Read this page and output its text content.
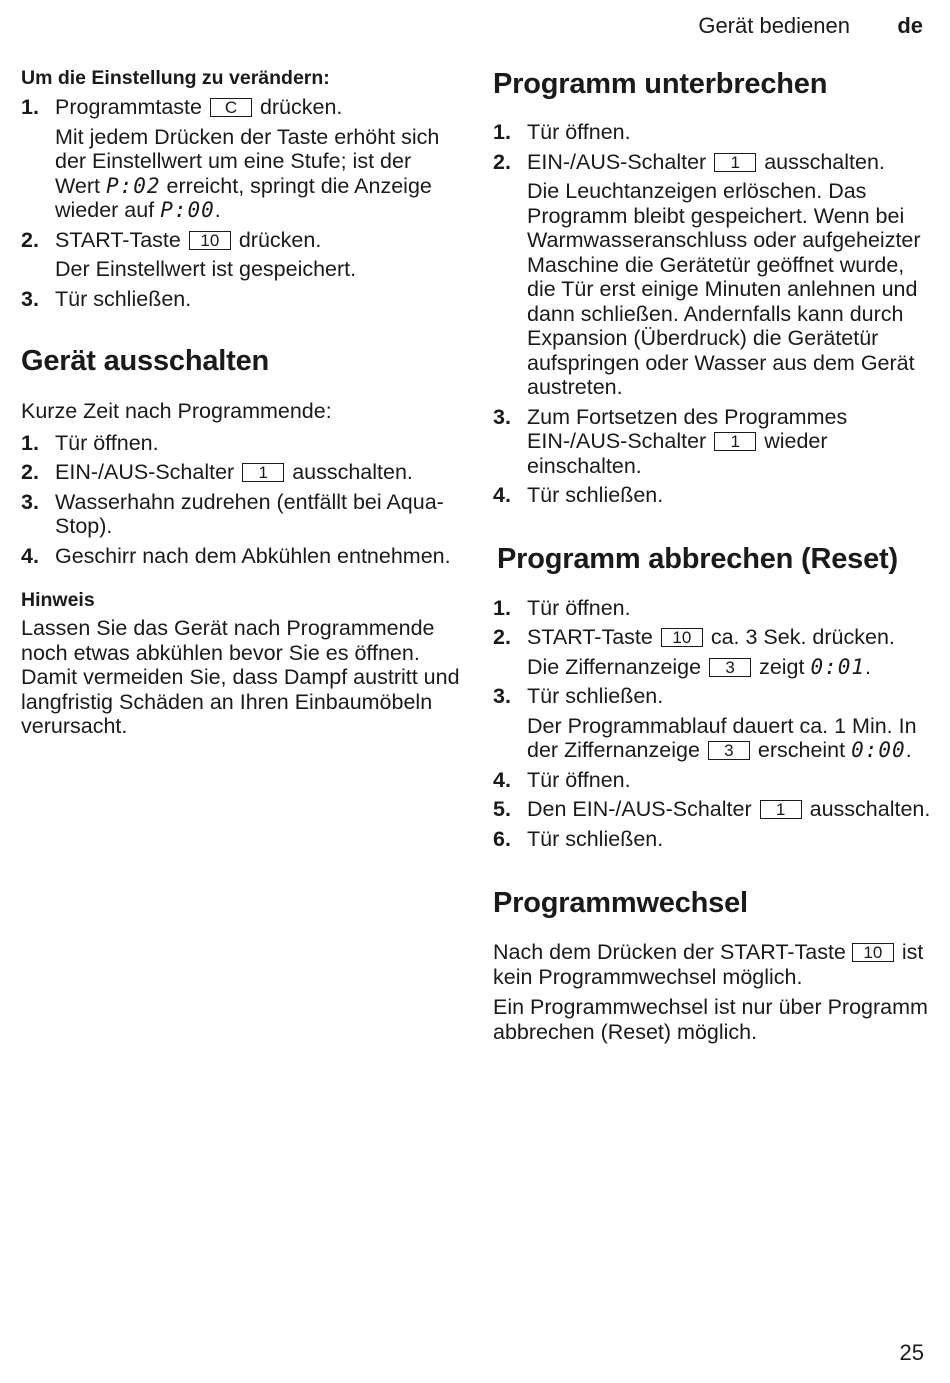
Gerät bedienen de

Um die Einstellung zu verändern:

1. Programmtaste C drücken.
Mit jedem Drücken der Taste erhöht sich der Einstellwert um eine Stufe; ist der Wert P:02 erreicht, springt die Anzeige wieder auf P:00.
2. START-Taste 10 drücken.
Der Einstellwert ist gespeichert.
3. Tür schließen.
Gerät ausschalten

Kurze Zeit nach Programmende:

1. Tür öffnen.
2. EIN-/AUS-Schalter 1 ausschalten.
3. Wasserhahn zudrehen (entfällt bei Aqua-Stop).
4. Geschirr nach dem Abkühlen entnehmen.

Hinweis

Lassen Sie das Gerät nach Programmende noch etwas abkühlen bevor Sie es öffnen. Damit vermeiden Sie, dass Dampf austritt und langfristig Schäden an Ihren Einbaumöbeln verursacht.

Programm unterbrechen
1. Tür öffnen.
2. EIN-/AUS-Schalter 1 ausschalten.
Die Leuchtanzeigen erlöschen. Das Programm bleibt gespeichert. Wenn bei Warmwasseranschluss oder aufgeheizter Maschine die Gerätetür geöffnet wurde, die Tür erst einige Minuten anlehnen und dann schließen. Andernfalls kann durch Expansion (Überdruck) die Gerätetür aufspringen oder Wasser aus dem Gerät austreten.
3. Zum Fortsetzen des Programmes EIN-/AUS-Schalter 1 wieder einschalten.
4. Tür schließen.
Programm abbrechen (Reset)
1. Tür öffnen.
2. START-Taste 10 ca. 3 Sek. drücken.
Die Ziffernanzeige 3 zeigt 0:01.
3. Tür schließen.
Der Programmablauf dauert ca. 1 Min. In der Ziffernanzeige 3 erscheint 0:00.
4. Tür öffnen.
5. Den EIN-/AUS-Schalter 1 ausschalten.
6. Tür schließen.
Programmwechsel

Nach dem Drücken der START-Taste 10 ist kein Programmwechsel möglich.

Ein Programmwechsel ist nur über Programm abbrechen (Reset) möglich.

25
